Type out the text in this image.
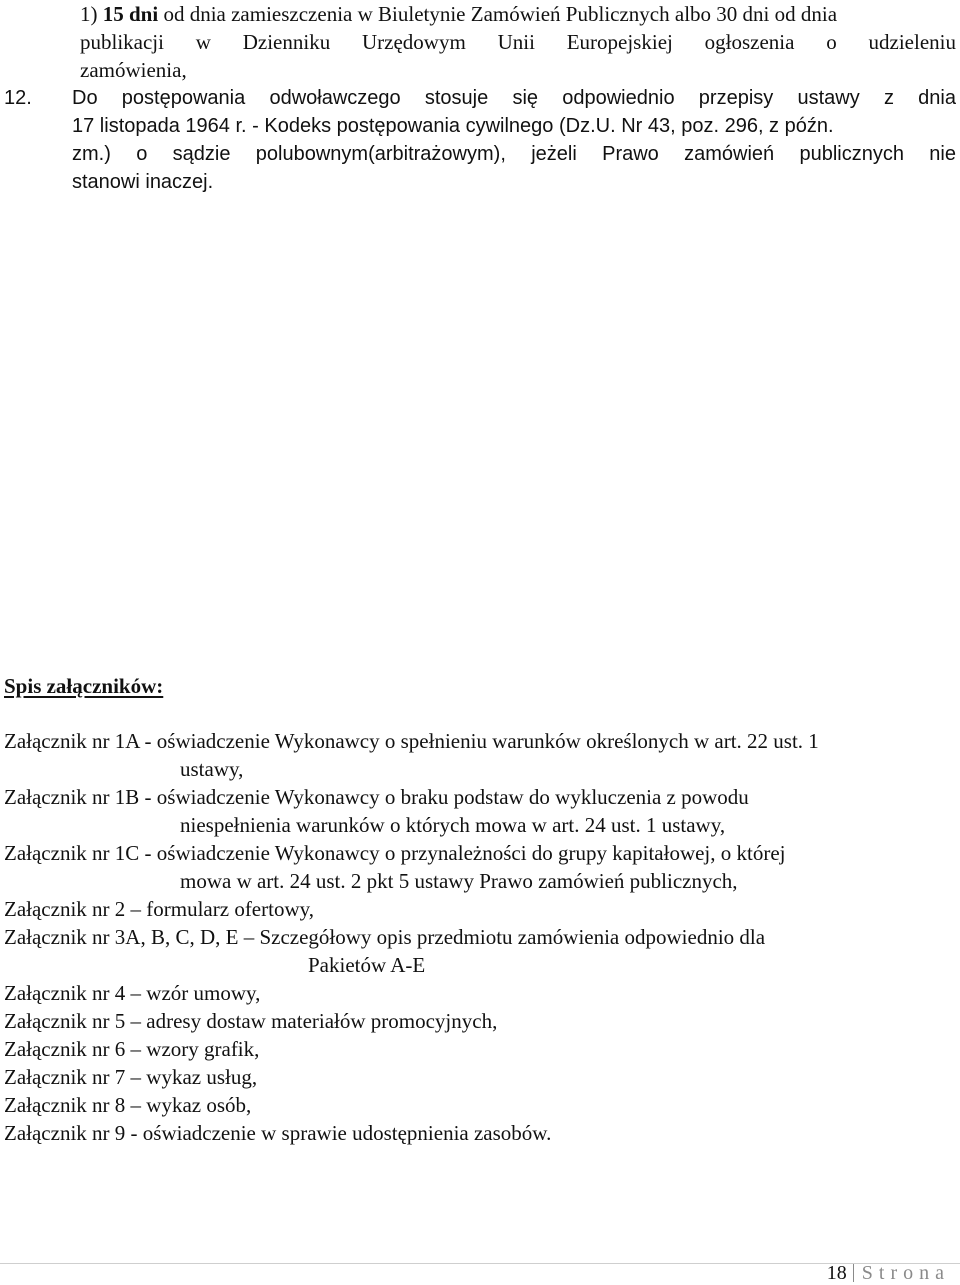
1) 15 dni od dnia zamieszczenia w Biuletynie Zamówień Publicznych albo 30 dni od dnia
publikacji w Dzienniku Urzędowym Unii Europejskiej ogłoszenia o udzieleniu
zamówienia,
12. Do postępowania odwoławczego stosuje się odpowiednio przepisy ustawy z dnia
17 listopada 1964 r. - Kodeks postępowania cywilnego (Dz.U. Nr 43, poz. 296, z późn.
zm.) o sądzie polubownym(arbitrażowym), jeżeli Prawo zamówień publicznych nie
stanowi inaczej.
Spis załączników:
Załącznik nr 1A - oświadczenie Wykonawcy o spełnieniu warunków określonych w art. 22 ust. 1
ustawy,
Załącznik nr 1B - oświadczenie Wykonawcy o braku podstaw do wykluczenia z powodu
niespełnienia warunków o których mowa w art. 24 ust. 1 ustawy,
Załącznik nr 1C - oświadczenie Wykonawcy o przynależności do grupy kapitałowej, o której
mowa w art. 24 ust. 2 pkt 5 ustawy Prawo zamówień publicznych,
Załącznik nr 2 – formularz ofertowy,
Załącznik nr 3A, B, C, D, E – Szczegółowy opis przedmiotu zamówienia odpowiednio dla
Pakietów A-E
Załącznik nr 4 – wzór umowy,
Załącznik nr 5 – adresy dostaw materiałów promocyjnych,
Załącznik nr 6 – wzory grafik,
Załącznik nr 7 – wykaz usług,
Załącznik nr 8 – wykaz osób,
Załącznik nr 9 - oświadczenie w sprawie udostępnienia zasobów.
18 Strona
